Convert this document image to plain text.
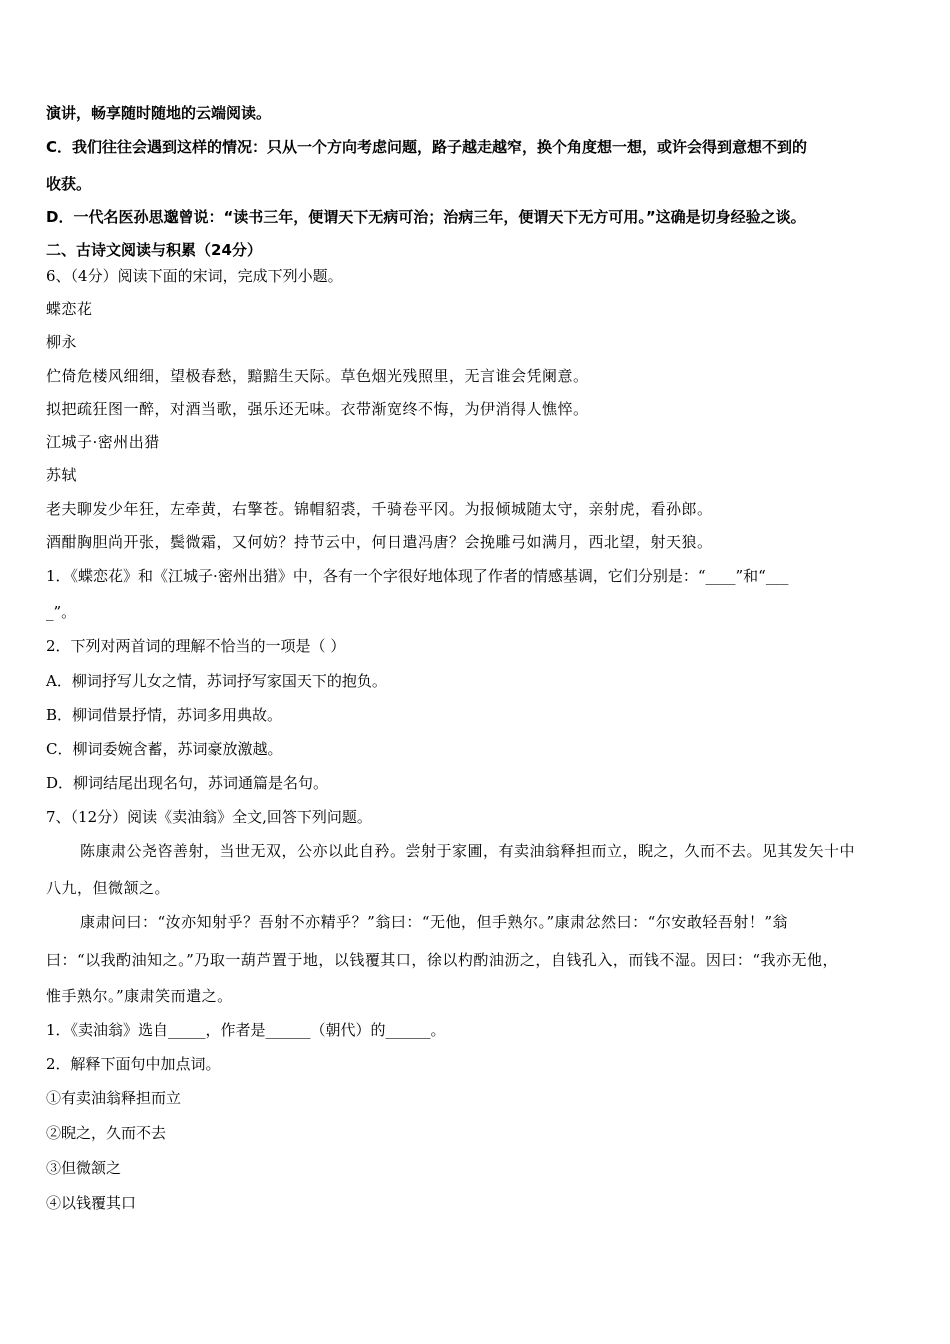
演讲，畅享随时随地的云端阅读。
C．我们往往会遇到这样的情况：只从一个方向考虑问题，路子越走越窄，换个角度想一想，或许会得到意想不到的
收获。
D．一代名医孙思邈曾说：“读书三年，便谓天下无病可治；治病三年，便谓天下无方可用。”这确是切身经验之谈。
二、古诗文阅读与积累（24分）
6、（4分）阅读下面的宋词，完成下列小题。
蝶恋花
柳永
伫倚危楼风细细，望极春愁，黯黯生天际。草色烟光残照里，无言谁会凭阑意。
拟把疏狂图一醉，对酒当歌，强乐还无味。衣带渐宽终不悔，为伊消得人憔悴。
江城子·密州出猎
苏轼
老夫聊发少年狂，左牵黄，右擎苍。锦帽貂裘，千骑卷平冈。为报倾城随太守，亲射虎，看孙郎。
酒酣胸胆尚开张，鬓微霜，又何妨？持节云中，何日遣冯唐？会挽雕弓如满月，西北望，射天狼。
1．《蝶恋花》和《江城子·密州出猎》中，各有一个字很好地体现了作者的情感基调，它们分别是：“____”和“___
_”。
2．下列对两首词的理解不恰当的一项是（ ）
A．柳词抒写儿女之情，苏词抒写家国天下的抱负。
B．柳词借景抒情，苏词多用典故。
C．柳词委婉含蓄，苏词豪放激越。
D．柳词结尾出现名句，苏词通篇是名句。
7、（12分）阅读《卖油翁》全文,回答下列问题。
陈康肃公尧咨善射，当世无双，公亦以此自矜。尝射于家圃，有卖油翁释担而立，睨之，久而不去。见其发矢十中
八九，但微颔之。
康肃问曰：“汝亦知射乎？吾射不亦精乎？”翁曰：“无他，但手熟尔。”康肃忿然曰：“尔安敢轻吾射！”翁
曰：“以我酌油知之。”乃取一葫芦置于地，以钱覆其口，徐以杓酌油沥之，自钱孔入，而钱不湿。因曰：“我亦无他，
惟手熟尔。”康肃笑而遣之。
1．《卖油翁》选自_____，作者是______（朝代）的______。
2．解释下面句中加点词。
①有卖油翁释担而立
②睨之，久而不去
③但微颔之
④以钱覆其口
